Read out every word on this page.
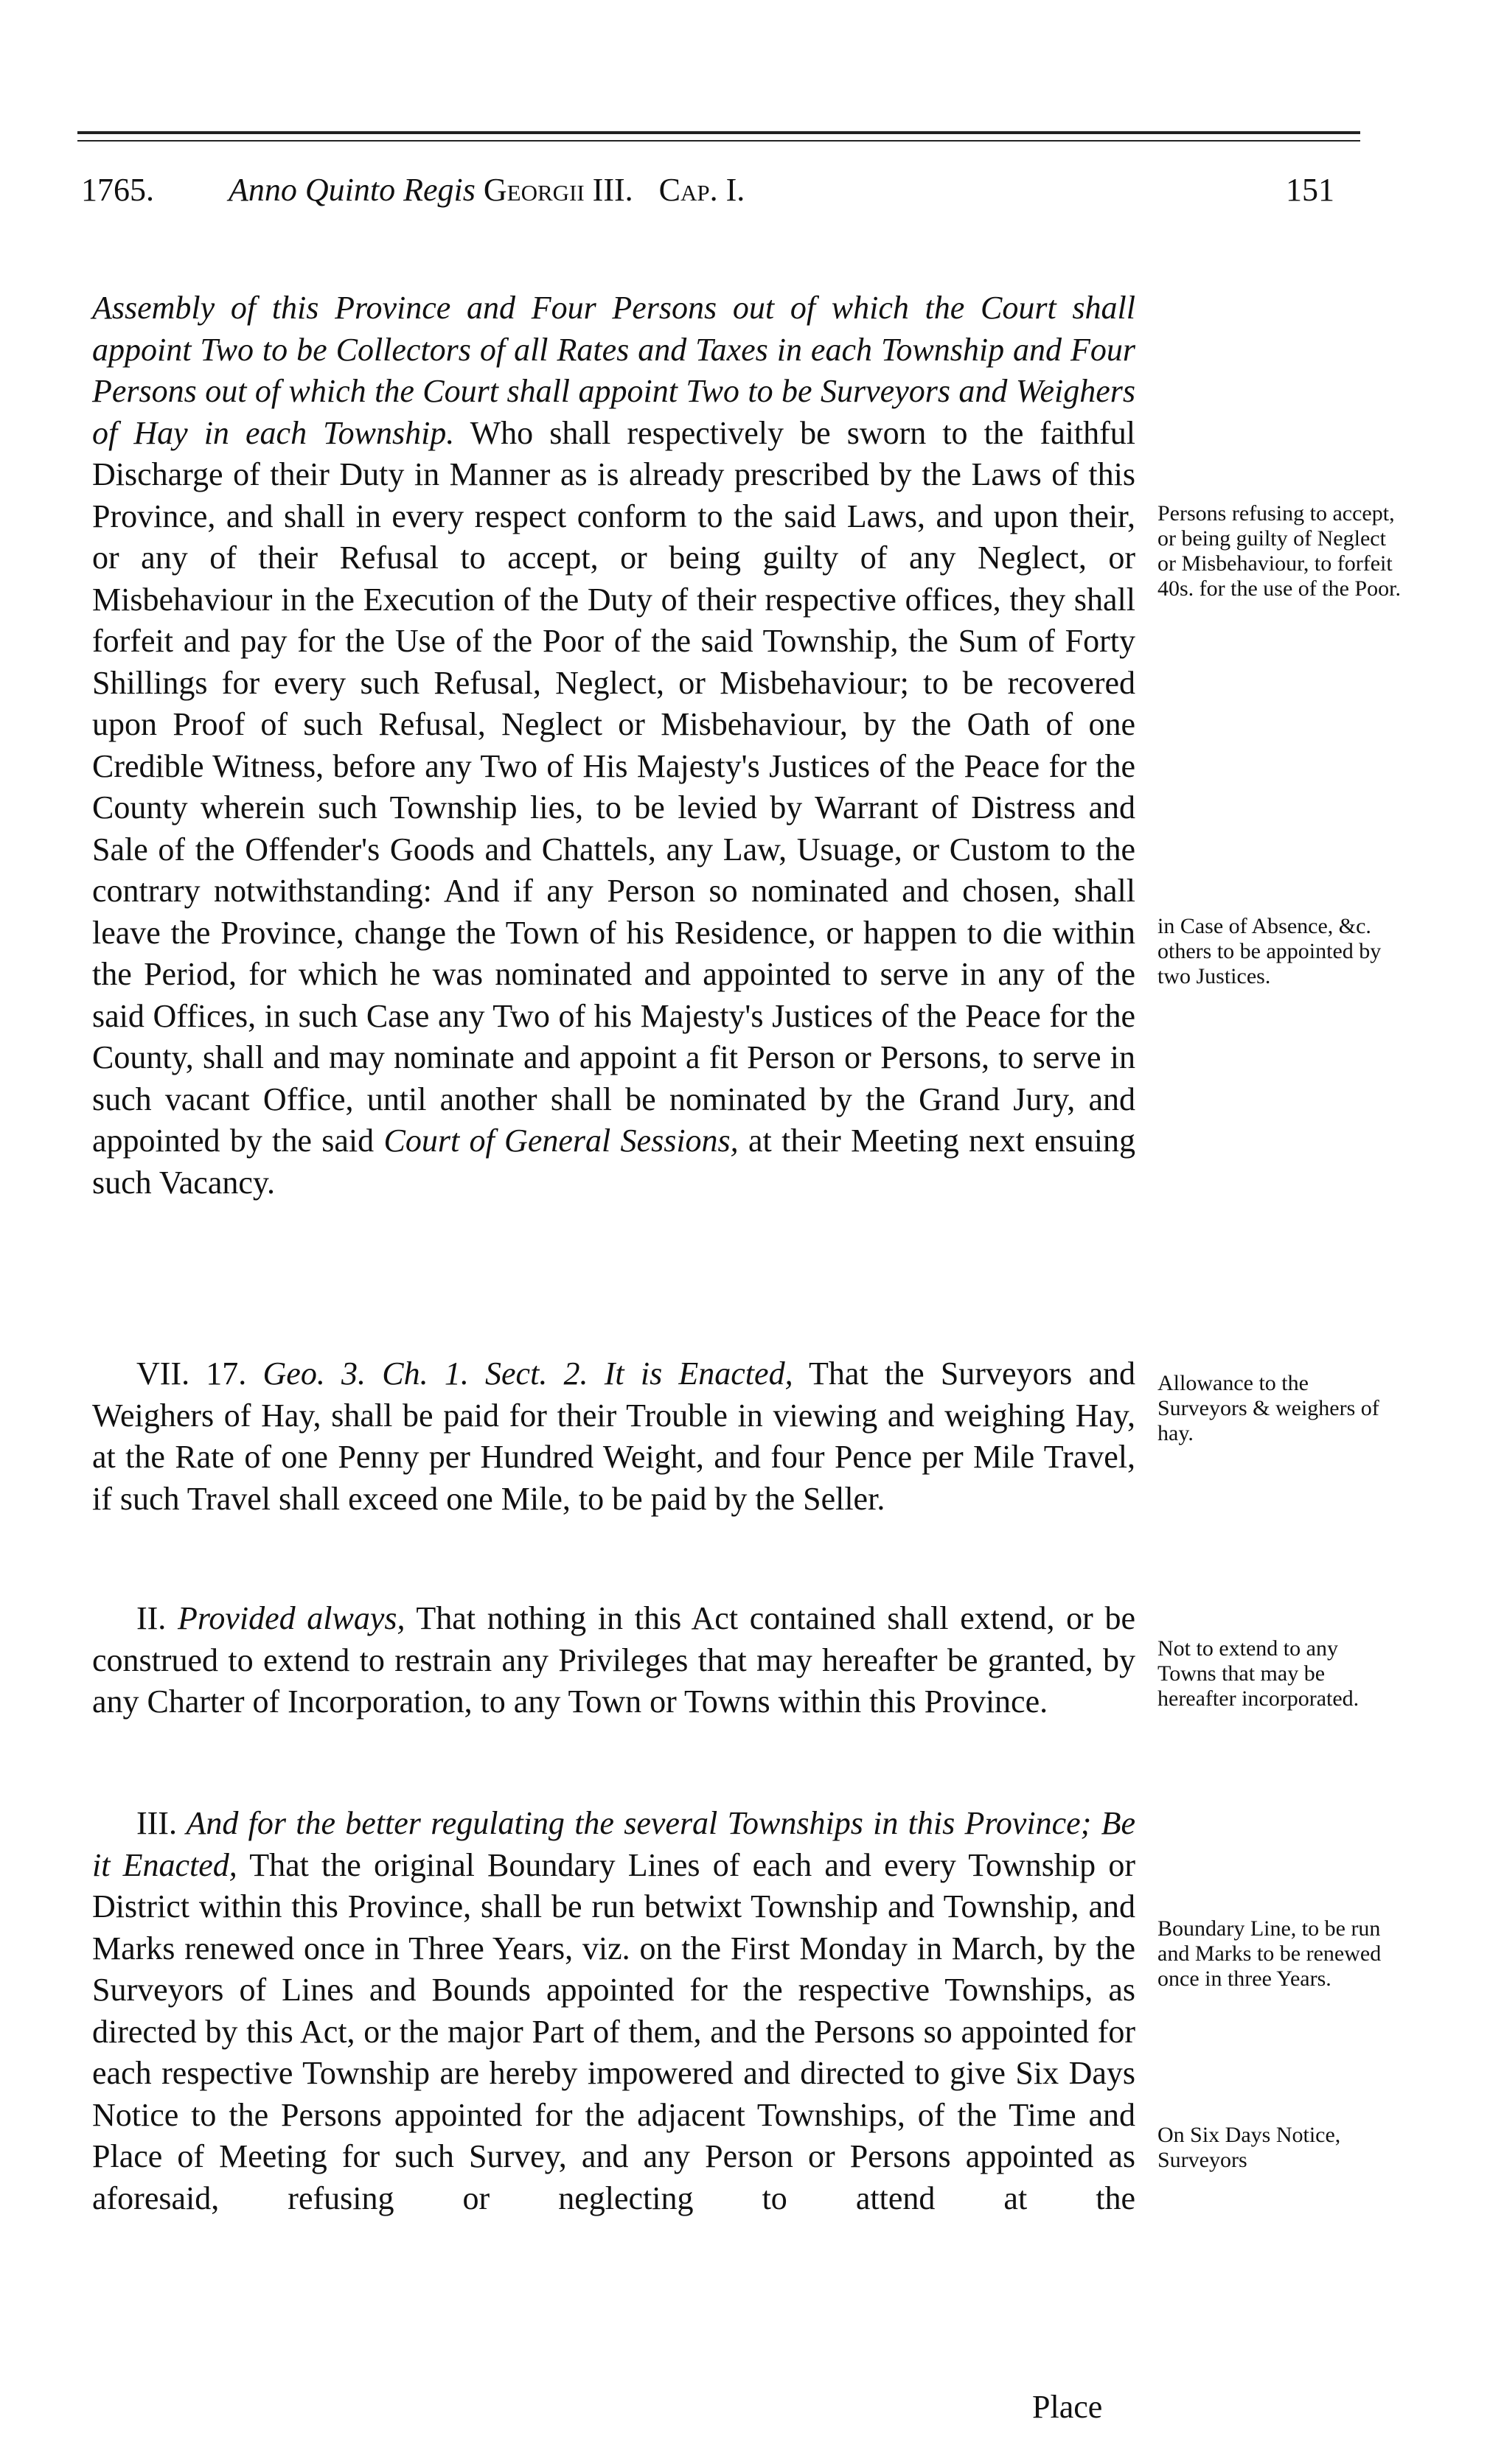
1765. Anno Quinto Regis Georgii III. Cap. I.	151

Assembly of this Province and Four Persons out of which the Court shall appoint Two to be Collectors of all Rates and Taxes in each Township and Four Persons out of which the Court shall appoint Two to be Surveyors and Weighers of Hay in each Township. Who shall respectively be sworn to the faithful Discharge of their Duty in Manner as is already prescribed by the Laws of this Province, and shall in every respect conform to the said Laws, and upon their, or any of their Refusal to accept, or being guilty of any Neglect, or Misbehaviour in the Execution of the Duty of their respective offices, they shall forfeit and pay for the Use of the Poor of the said Township, the Sum of Forty Shillings for every such Refusal, Neglect, or Misbehaviour; to be recovered upon Proof of such Refusal, Neglect or Misbehaviour, by the Oath of one Credible Witness, before any Two of His Majesty's Justices of the Peace for the County wherein such Township lies, to be levied by Warrant of Distress and Sale of the Offender's Goods and Chattels, any Law, Usuage, or Custom to the contrary notwithstanding: And if any Person so nominated and chosen, shall leave the Province, change the Town of his Residence, or happen to die within the Period, for which he was nominated and appointed to serve in any of the said Offices, in such Case any Two of his Majesty's Justices of the Peace for the County, shall and may nominate and appoint a fit Person or Persons, to serve in such vacant Office, until another shall be nominated by the Grand Jury, and appointed by the said Court of General Sessions, at their Meeting next ensuing such Vacancy.

VII. 17. Geo. 3. Ch. 1. Sect. 2. It is Enacted, That the Surveyors and Weighers of Hay, shall be paid for their Trouble in viewing and weighing Hay, at the Rate of one Penny per Hundred Weight, and four Pence per Mile Travel, if such Travel shall exceed one Mile, to be paid by the Seller.

II. Provided always, That nothing in this Act contained shall extend, or be construed to extend to restrain any Privileges that may hereafter be granted, by any Charter of Incorporation, to any Town or Towns within this Province.

III. And for the better regulating the several Townships in this Province; Be it Enacted, That the original Boundary Lines of each and every Township or District within this Province, shall be run betwixt Township and Township, and Marks renewed once in Three Years, viz. on the First Monday in March, by the Surveyors of Lines and Bounds appointed for the respective Townships, as directed by this Act, or the major Part of them, and the Persons so appointed for each respective Township are hereby impowered and directed to give Six Days Notice to the Persons appointed for the adjacent Townships, of the Time and Place of Meeting for such Survey, and any Person or Persons appointed as aforesaid, refusing or neglecting to attend at the

Place
Persons refusing to accept, or being guilty of Neglect or Misbehaviour, to forfeit 40s. for the use of the Poor.
in Case of Absence, &c. others to be appointed by two Justices.
Allowance to the Surveyors & weighers of hay.
Not to extend to any Towns that may be hereafter incorporated.
Boundary Line, to be run and Marks to be renewed once in three Years.
On Six Days Notice, Surveyors
